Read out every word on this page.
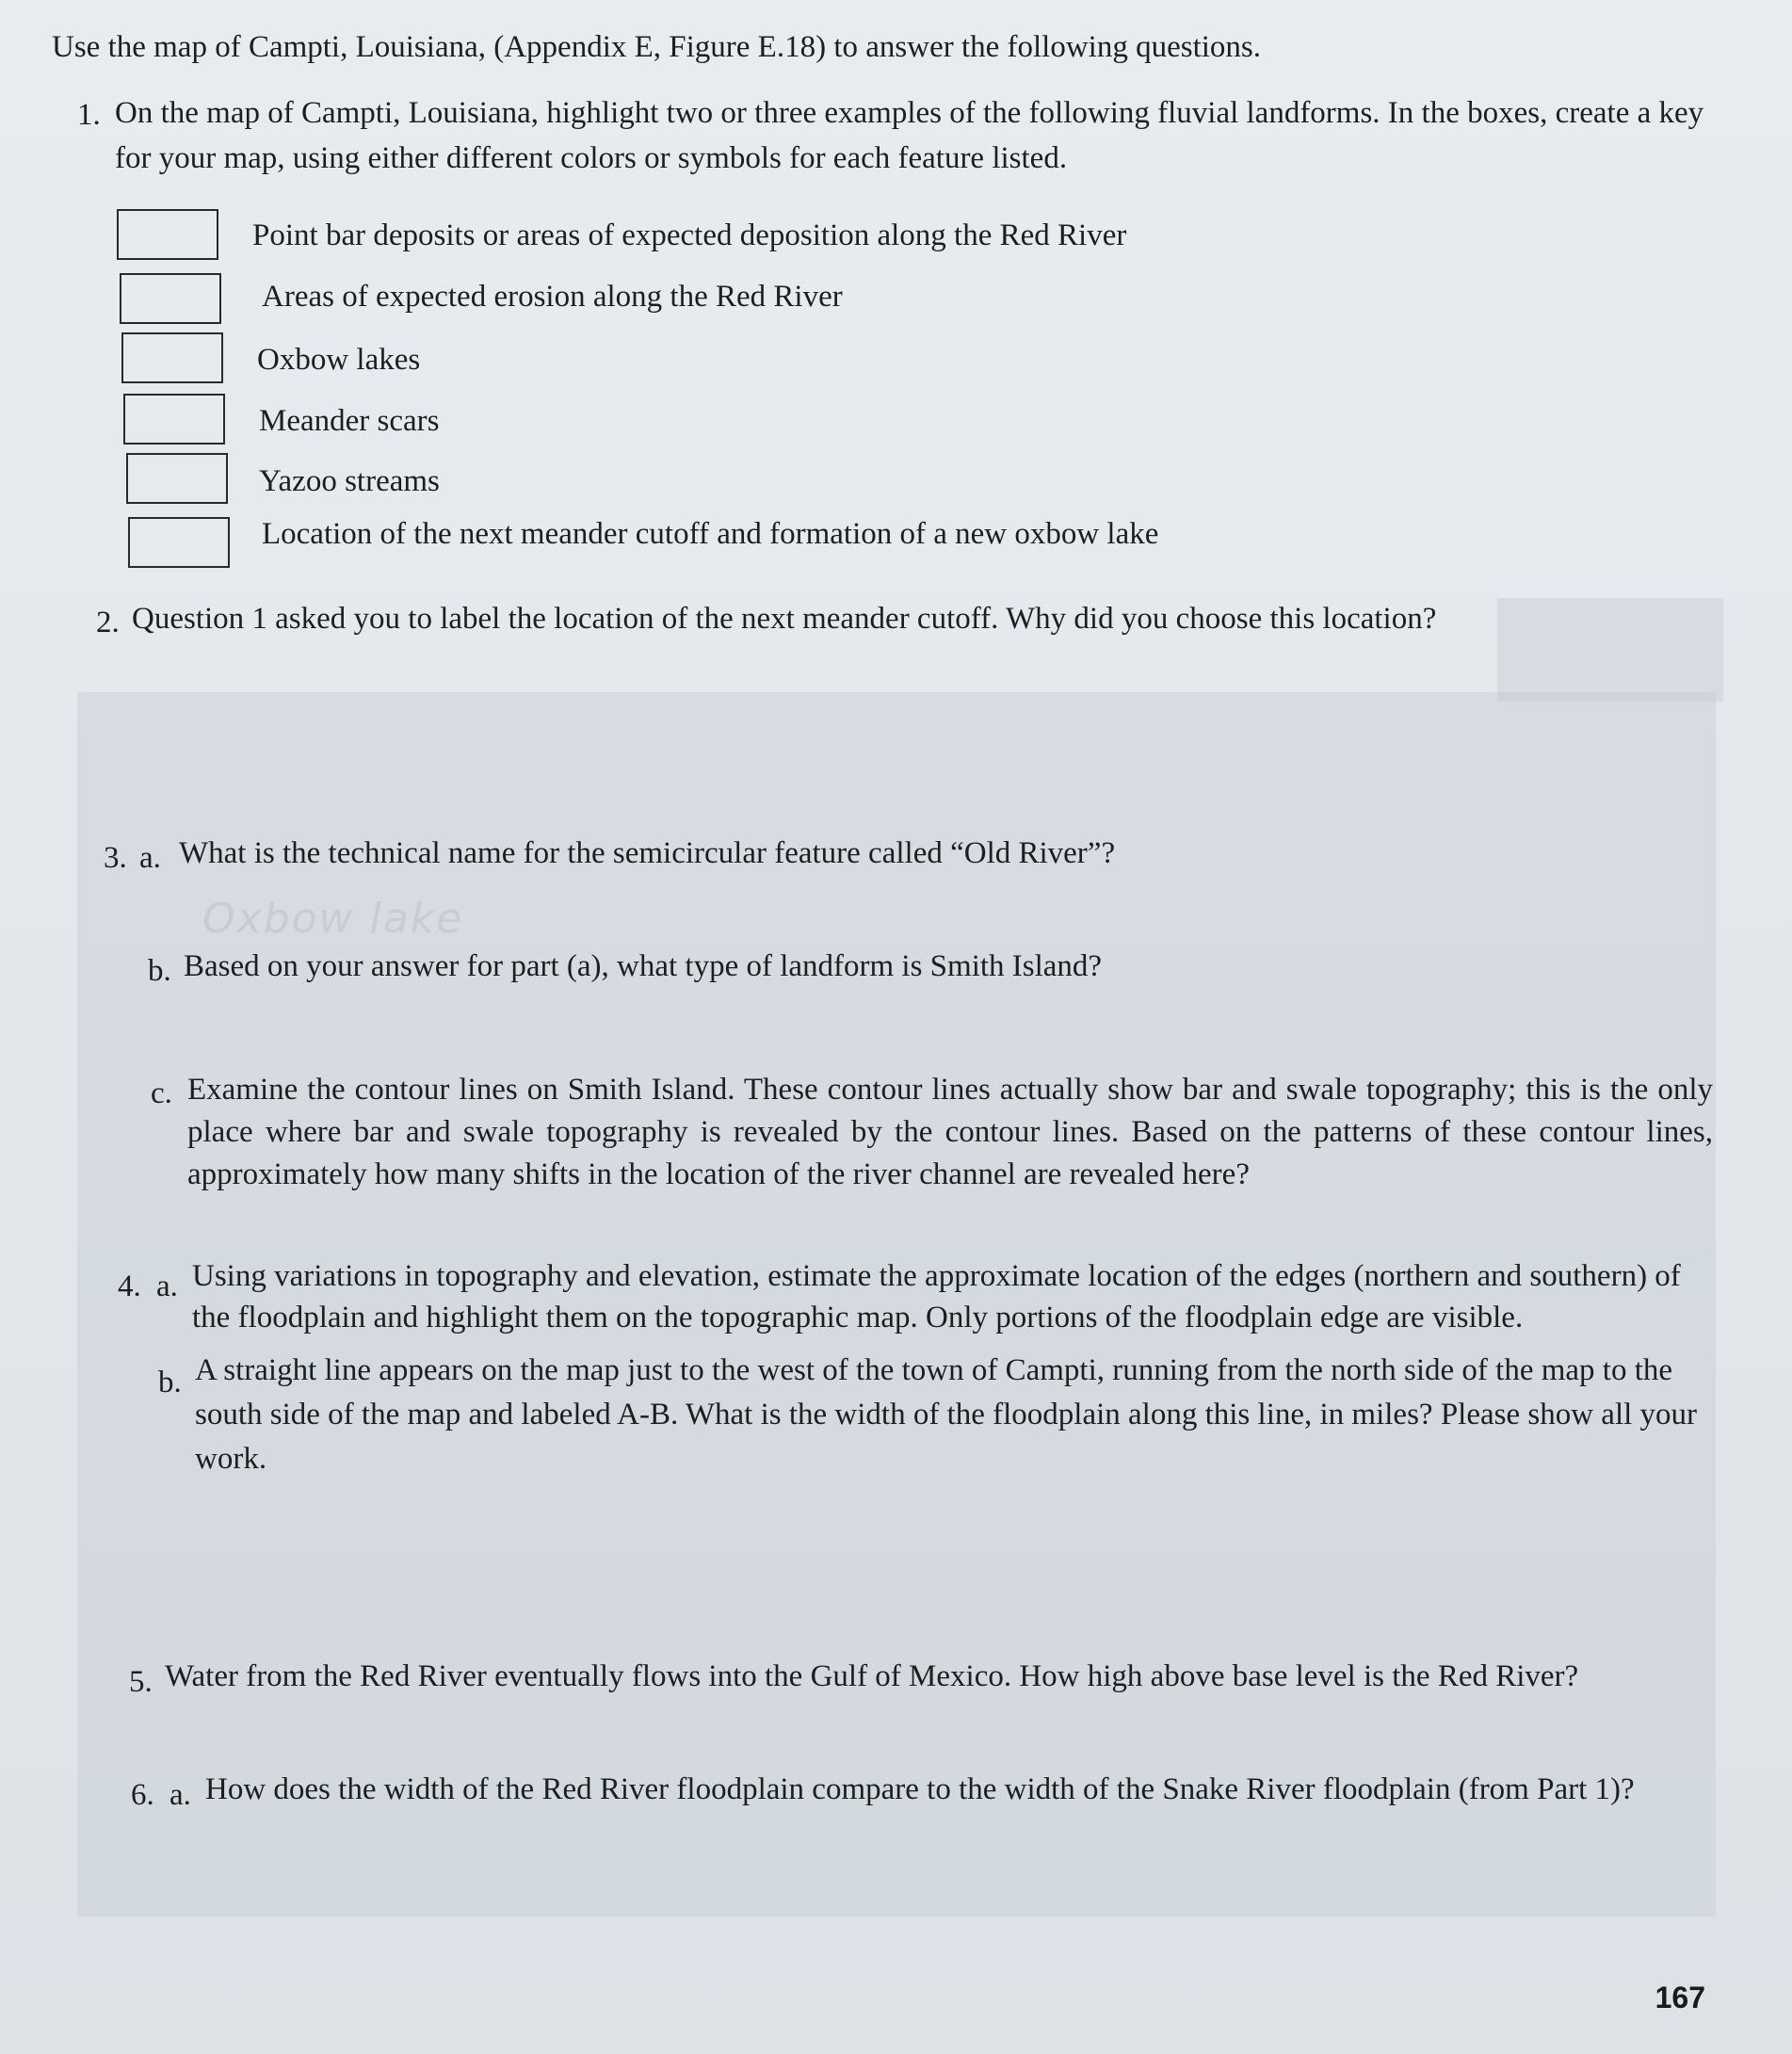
Use the map of Campti, Louisiana, (Appendix E, Figure E.18) to answer the following questions.
1. On the map of Campti, Louisiana, highlight two or three examples of the following fluvial landforms. In the boxes, create a key for your map, using either different colors or symbols for each feature listed.
Point bar deposits or areas of expected deposition along the Red River
Areas of expected erosion along the Red River
Oxbow lakes
Meander scars
Yazoo streams
Location of the next meander cutoff and formation of a new oxbow lake
2. Question 1 asked you to label the location of the next meander cutoff. Why did you choose this location?
3. a. What is the technical name for the semicircular feature called “Old River”?
Oxbow lake
b. Based on your answer for part (a), what type of landform is Smith Island?
c. Examine the contour lines on Smith Island. These contour lines actually show bar and swale topography; this is the only place where bar and swale topography is revealed by the contour lines. Based on the patterns of these contour lines, approximately how many shifts in the location of the river channel are revealed here?
4. a. Using variations in topography and elevation, estimate the approximate location of the edges (northern and southern) of the floodplain and highlight them on the topographic map. Only portions of the floodplain edge are visible.
b. A straight line appears on the map just to the west of the town of Campti, running from the north side of the map to the south side of the map and labeled A-B. What is the width of the floodplain along this line, in miles? Please show all your work.
5. Water from the Red River eventually flows into the Gulf of Mexico. How high above base level is the Red River?
6. a. How does the width of the Red River floodplain compare to the width of the Snake River floodplain (from Part 1)?
167
